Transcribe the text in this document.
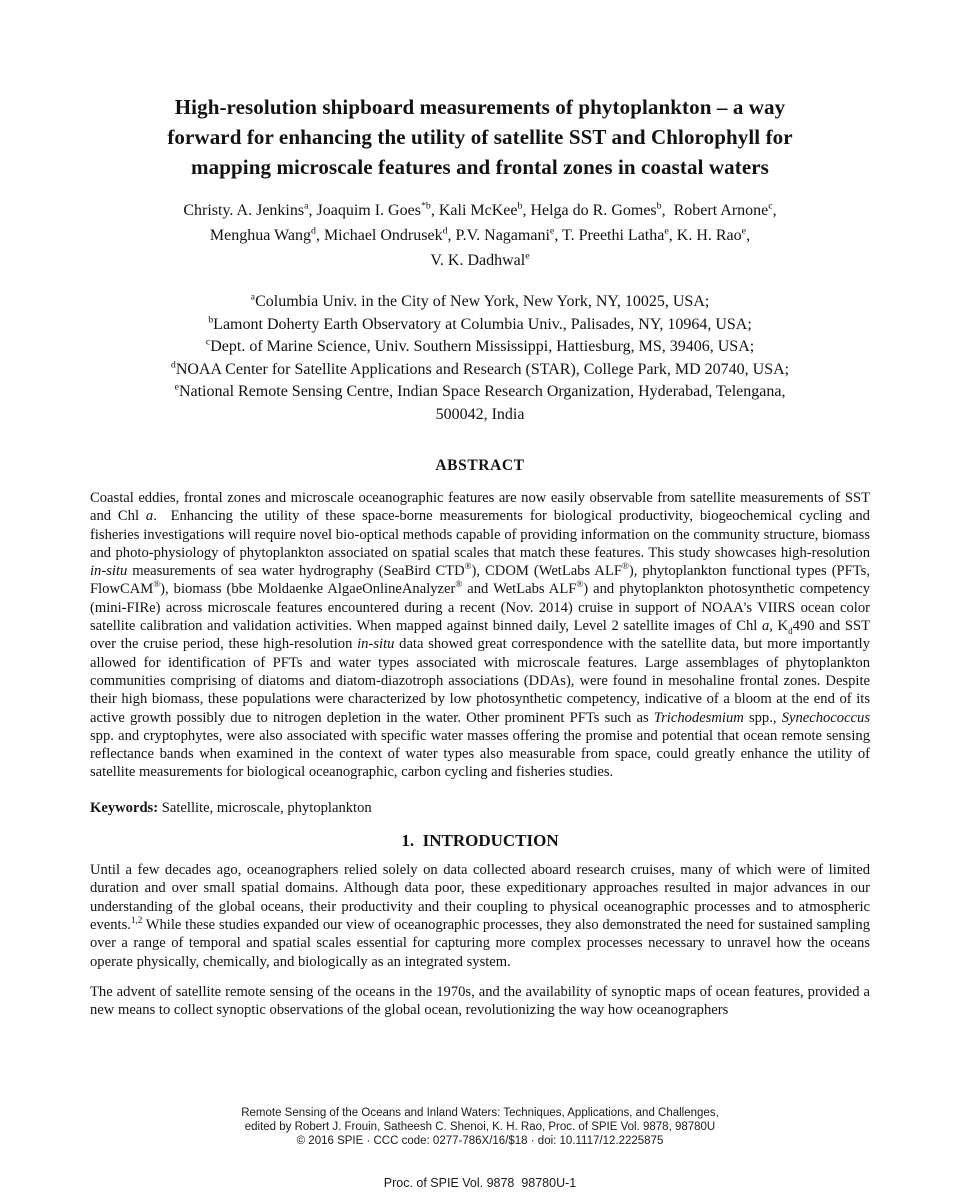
High-resolution shipboard measurements of phytoplankton – a way
forward for enhancing the utility of satellite SST and Chlorophyll for
mapping microscale features and frontal zones in coastal waters
Christy. A. Jenkins$^a$, Joaquim I. Goes$^{*b}$, Kali McKee$^b$, Helga do R. Gomes$^b$,  Robert Arnone$^c$,
Menghua Wang$^d$, Michael Ondrusek$^d$, P.V. Nagamani$^e$, T. Preethi Latha$^e$, K. H. Rao$^e$,
V. K. Dadhwal$^e$
$^a$Columbia Univ. in the City of New York, New York, NY, 10025, USA;
$^b$Lamont Doherty Earth Observatory at Columbia Univ., Palisades, NY, 10964, USA;
$^c$Dept. of Marine Science, Univ. Southern Mississippi, Hattiesburg, MS, 39406, USA;
$^d$NOAA Center for Satellite Applications and Research (STAR), College Park, MD 20740, USA;
$^e$National Remote Sensing Centre, Indian Space Research Organization, Hyderabad, Telengana,
500042, India
ABSTRACT
Coastal eddies, frontal zones and microscale oceanographic features are now easily observable from satellite measurements of SST and Chl a.  Enhancing the utility of these space-borne measurements for biological productivity, biogeochemical cycling and fisheries investigations will require novel bio-optical methods capable of providing information on the community structure, biomass and photo-physiology of phytoplankton associated on spatial scales that match these features. This study showcases high-resolution in-situ measurements of sea water hydrography (SeaBird CTD®), CDOM (WetLabs ALF®), phytoplankton functional types (PFTs, FlowCAM®), biomass (bbe Moldaenke AlgaeOnlineAnalyzer® and WetLabs ALF®) and phytoplankton photosynthetic competency (mini-FIRe) across microscale features encountered during a recent (Nov. 2014) cruise in support of NOAA's VIIRS ocean color satellite calibration and validation activities. When mapped against binned daily, Level 2 satellite images of Chl a, $K_d490$ and SST over the cruise period, these high-resolution in-situ data showed great correspondence with the satellite data, but more importantly allowed for identification of PFTs and water types associated with microscale features. Large assemblages of phytoplankton communities comprising of diatoms and diatom-diazotroph associations (DDAs), were found in mesohaline frontal zones. Despite their high biomass, these populations were characterized by low photosynthetic competency, indicative of a bloom at the end of its active growth possibly due to nitrogen depletion in the water. Other prominent PFTs such as Trichodesmium spp., Synechococcus spp. and cryptophytes, were also associated with specific water masses offering the promise and potential that ocean remote sensing reflectance bands when examined in the context of water types also measurable from space, could greatly enhance the utility of satellite measurements for biological oceanographic, carbon cycling and fisheries studies.
Keywords: Satellite, microscale, phytoplankton
1.  INTRODUCTION
Until a few decades ago, oceanographers relied solely on data collected aboard research cruises, many of which were of limited duration and over small spatial domains. Although data poor, these expeditionary approaches resulted in major advances in our understanding of the global oceans, their productivity and their coupling to physical oceanographic processes and to atmospheric events.$^{1,2}$ While these studies expanded our view of oceanographic processes, they also demonstrated the need for sustained sampling over a range of temporal and spatial scales essential for capturing more complex processes necessary to unravel how the oceans operate physically, chemically, and biologically as an integrated system.
The advent of satellite remote sensing of the oceans in the 1970s, and the availability of synoptic maps of ocean features, provided a new means to collect synoptic observations of the global ocean, revolutionizing the way how oceanographers
Remote Sensing of the Oceans and Inland Waters: Techniques, Applications, and Challenges,
edited by Robert J. Frouin, Satheesh C. Shenoi, K. H. Rao, Proc. of SPIE Vol. 9878, 98780U
© 2016 SPIE · CCC code: 0277-786X/16/$18 · doi: 10.1117/12.2225875
Proc. of SPIE Vol. 9878  98780U-1
